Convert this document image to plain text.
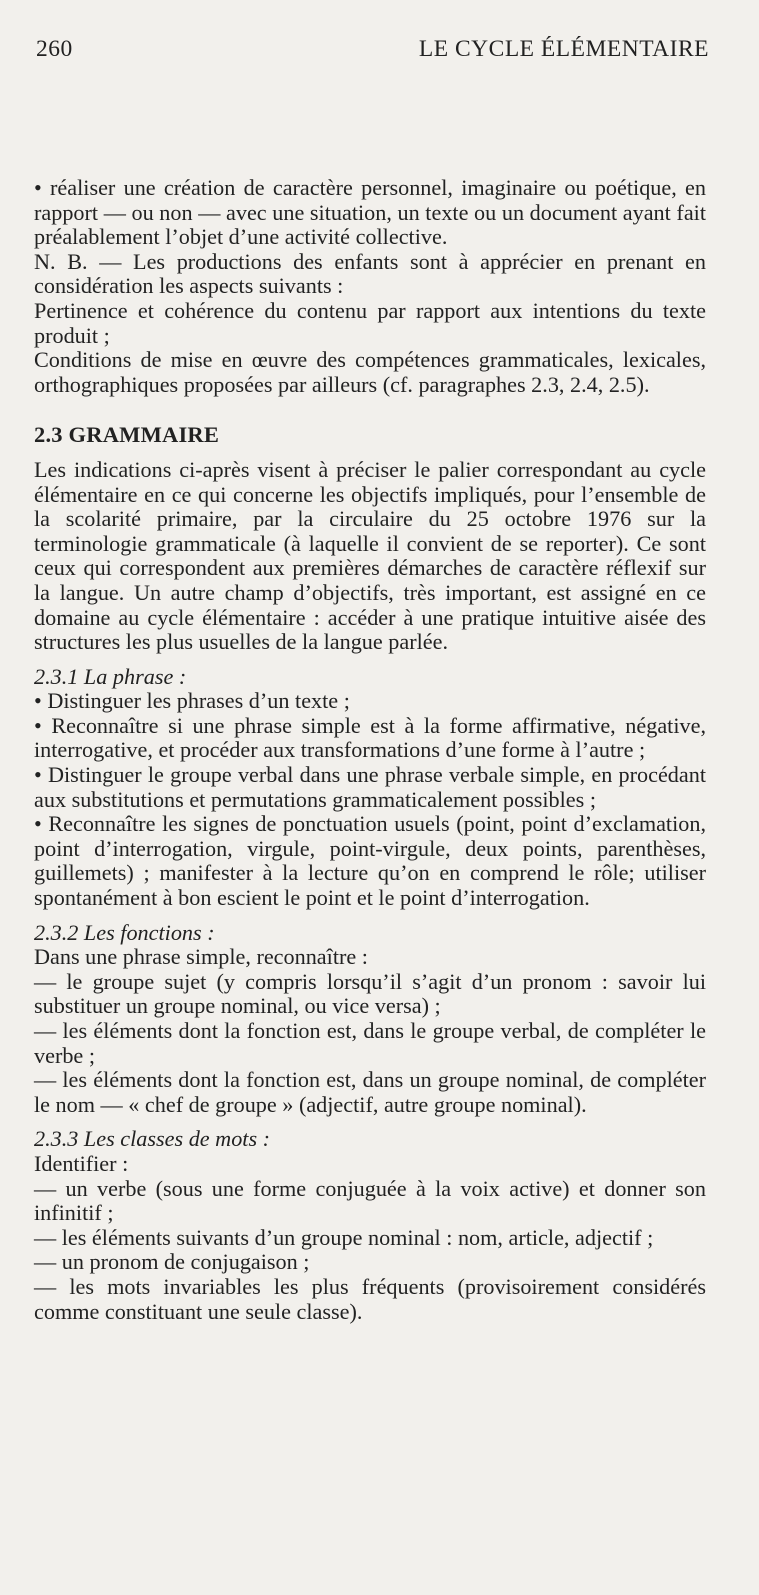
260	LE CYCLE ÉLÉMENTAIRE

• réaliser une création de caractère personnel, imaginaire ou poétique, en rapport — ou non — avec une situation, un texte ou un document ayant fait préalablement l’objet d’une activité collective.

N. B. — Les productions des enfants sont à apprécier en prenant en considération les aspects suivants :

Pertinence et cohérence du contenu par rapport aux intentions du texte produit ;

Conditions de mise en œuvre des compétences grammaticales, lexicales, orthographiques proposées par ailleurs (cf. paragraphes 2.3, 2.4, 2.5).

2.3 GRAMMAIRE

Les indications ci-après visent à préciser le palier correspondant au cycle élémentaire en ce qui concerne les objectifs impliqués, pour l’ensemble de la scolarité primaire, par la circulaire du 25 octobre 1976 sur la terminologie grammaticale (à laquelle il convient de se reporter). Ce sont ceux qui correspondent aux premières démarches de caractère réflexif sur la langue. Un autre champ d’objectifs, très important, est assigné en ce domaine au cycle élémentaire : accéder à une pratique intuitive aisée des structures les plus usuelles de la langue parlée.

2.3.1 La phrase :

• Distinguer les phrases d’un texte ;

• Reconnaître si une phrase simple est à la forme affirmative, négative, interrogative, et procéder aux transformations d’une forme à l’autre ;

• Distinguer le groupe verbal dans une phrase verbale simple, en procédant aux substitutions et permutations grammaticalement possibles ;

• Reconnaître les signes de ponctuation usuels (point, point d’exclamation, point d’interrogation, virgule, point-virgule, deux points, parenthèses, guillemets) ; manifester à la lecture qu’on en comprend le rôle; utiliser spontanément à bon escient le point et le point d’interrogation.

2.3.2 Les fonctions :

Dans une phrase simple, reconnaître :

— le groupe sujet (y compris lorsqu’il s’agit d’un pronom : savoir lui substituer un groupe nominal, ou vice versa) ;

— les éléments dont la fonction est, dans le groupe verbal, de compléter le verbe ;

— les éléments dont la fonction est, dans un groupe nominal, de compléter le nom — « chef de groupe » (adjectif, autre groupe nominal).

2.3.3 Les classes de mots :

Identifier :

— un verbe (sous une forme conjuguée à la voix active) et donner son infinitif ;

— les éléments suivants d’un groupe nominal : nom, article, adjectif ;

— un pronom de conjugaison ;

— les mots invariables les plus fréquents (provisoirement considérés comme constituant une seule classe).
